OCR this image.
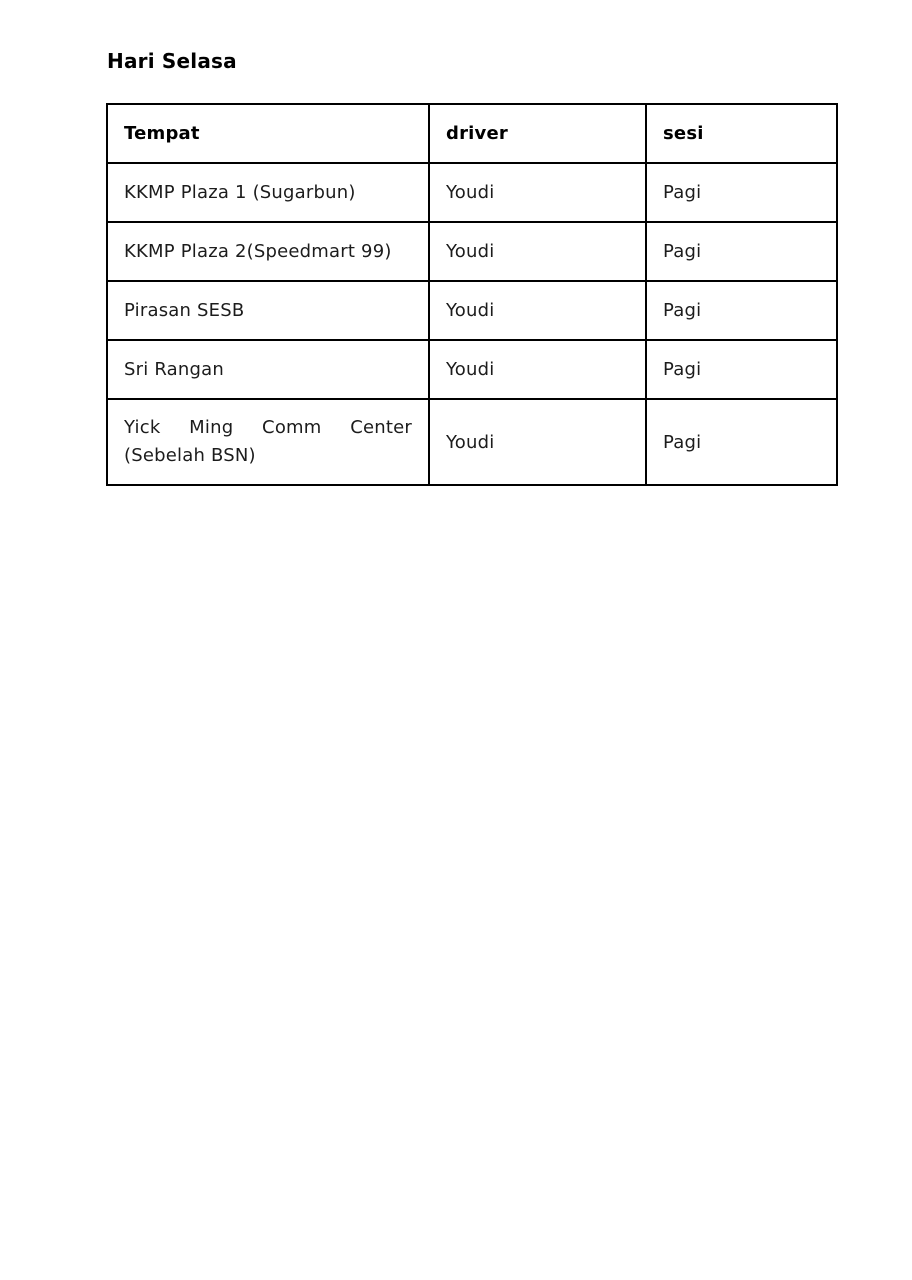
Hari Selasa
Tempat	driver	sesi
KKMP Plaza 1 (Sugarbun)	Youdi	Pagi
KKMP Plaza 2(Speedmart 99)	Youdi	Pagi
Pirasan SESB	Youdi	Pagi
Sri Rangan	Youdi	Pagi

Yick Ming Comm Center
(Sebelah BSN)	Youdi	Pagi
